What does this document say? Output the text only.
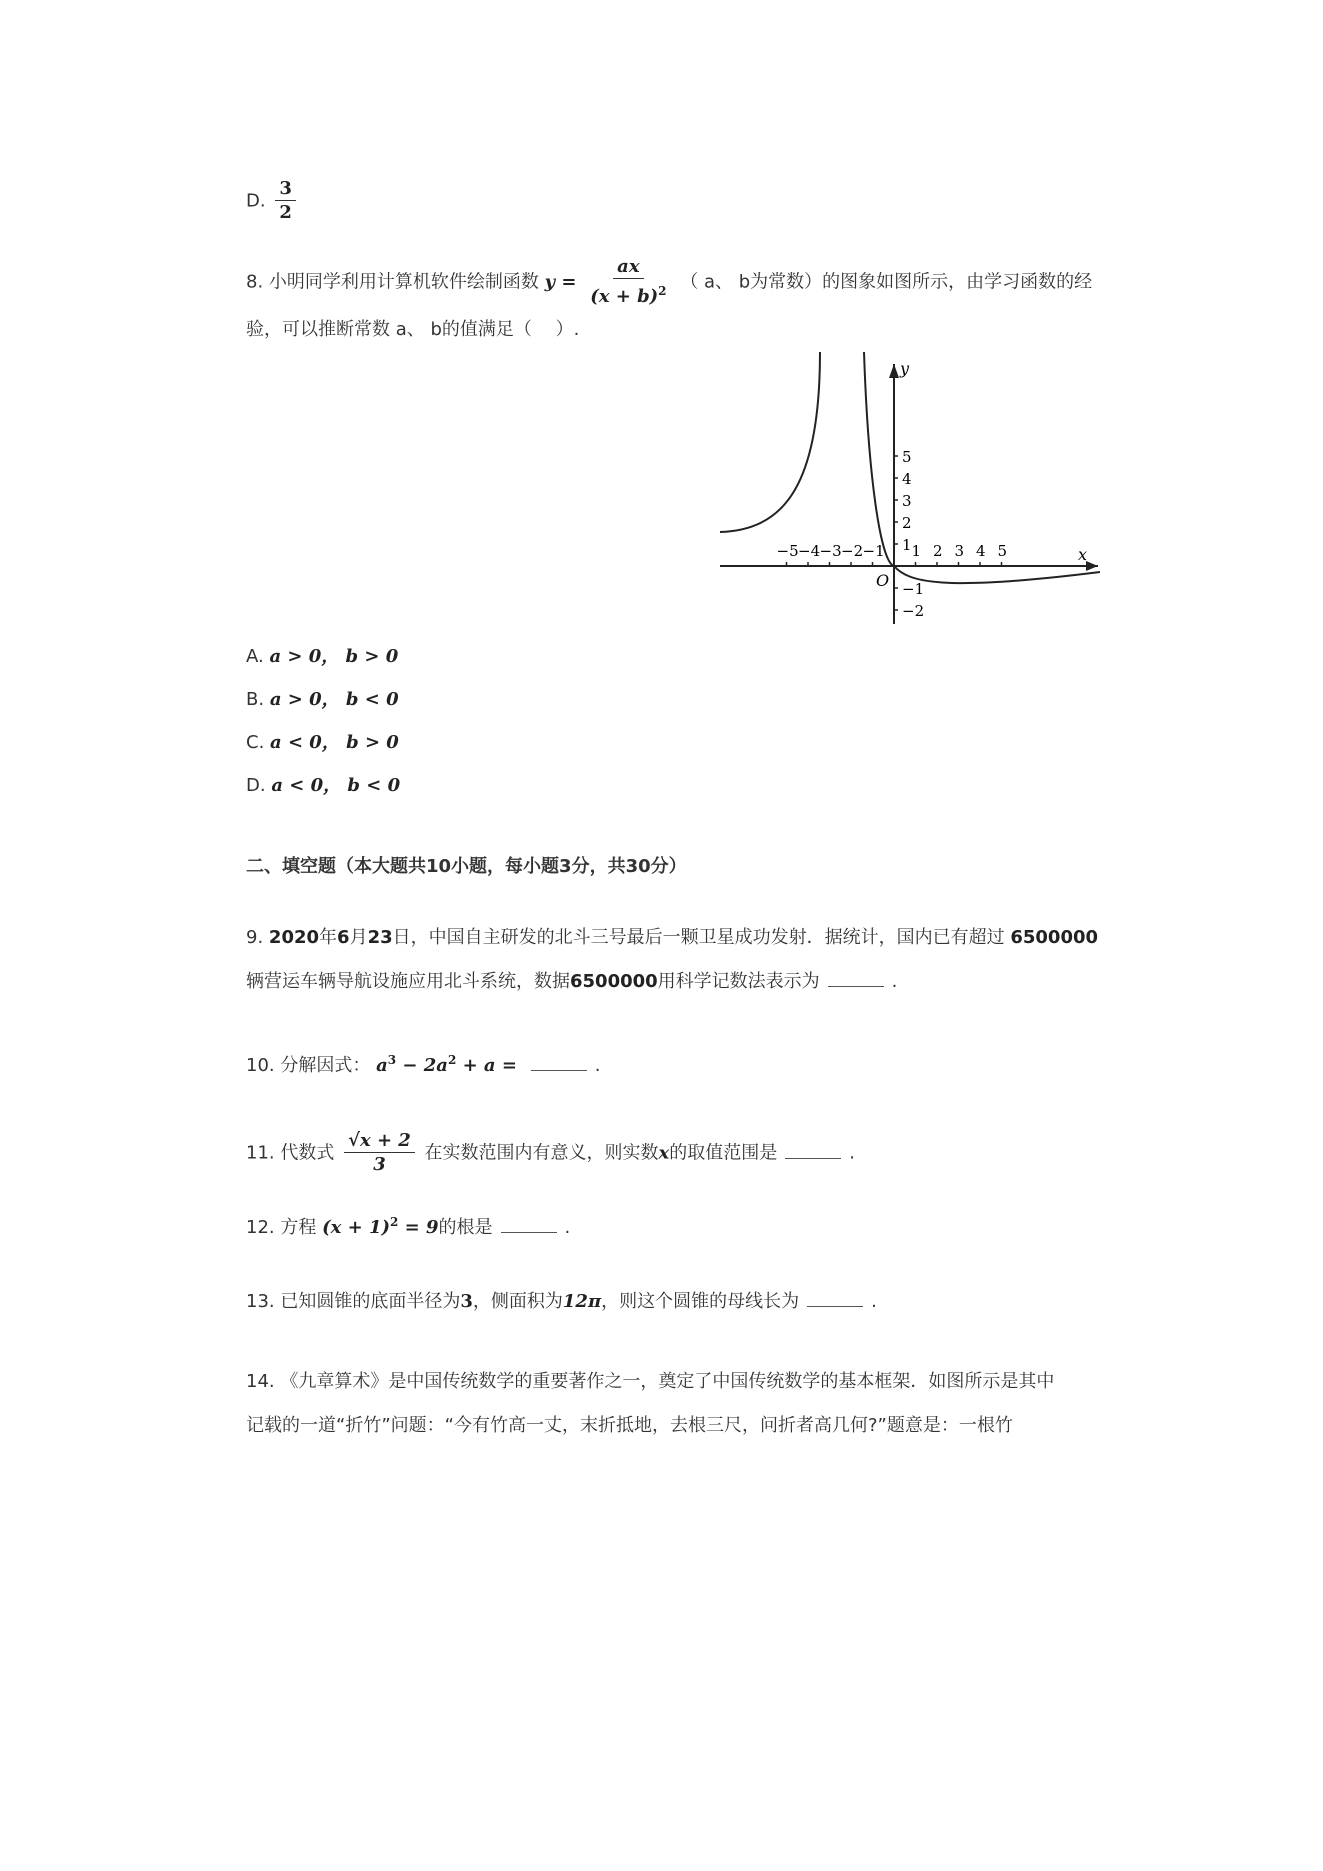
D. $\frac{3}{2}$
8. 小明同学利用计算机软件绘制函数 $y = \frac{ax}{(x + b)^2}$ （ a、 b为常数）的图象如图所示，由学习函数的经
验，可以推断常数 a、 b的值满足（　 ）.
−5 −4 −3 −2 −1 1 2 3 4 5
1
2
3
4
5
−1
−2
y
x
O
A. a > 0， b > 0
B. a > 0， b < 0
C. a < 0， b > 0
D. a < 0， b < 0
二、填空题（本大题共10小题，每小题3分，共30分）
9. 2020年6月23日，中国自主研发的北斗三号最后一颗卫星成功发射．据统计，国内已有超过 6500000
辆营运车辆导航设施应用北斗系统，数据6500000用科学记数法表示为	.
10. 分解因式： $a^3 - 2a^2 + a$ =	.
11. 代数式 $\frac{√x + 2}{3}$ 在实数范围内有意义，则实数x的取值范围是	.
12. 方程 $(x + 1)^2 = 9$的根是	.
13. 已知圆锥的底面半径为3，侧面积为12π，则这个圆锥的母线长为	.
14. 《九章算术》是中国传统数学的重要著作之一，奠定了中国传统数学的基本框架．如图所示是其中
记载的一道“折竹”问题：“今有竹高一丈，末折抵地，去根三尺，问折者高几何?”题意是：一根竹
